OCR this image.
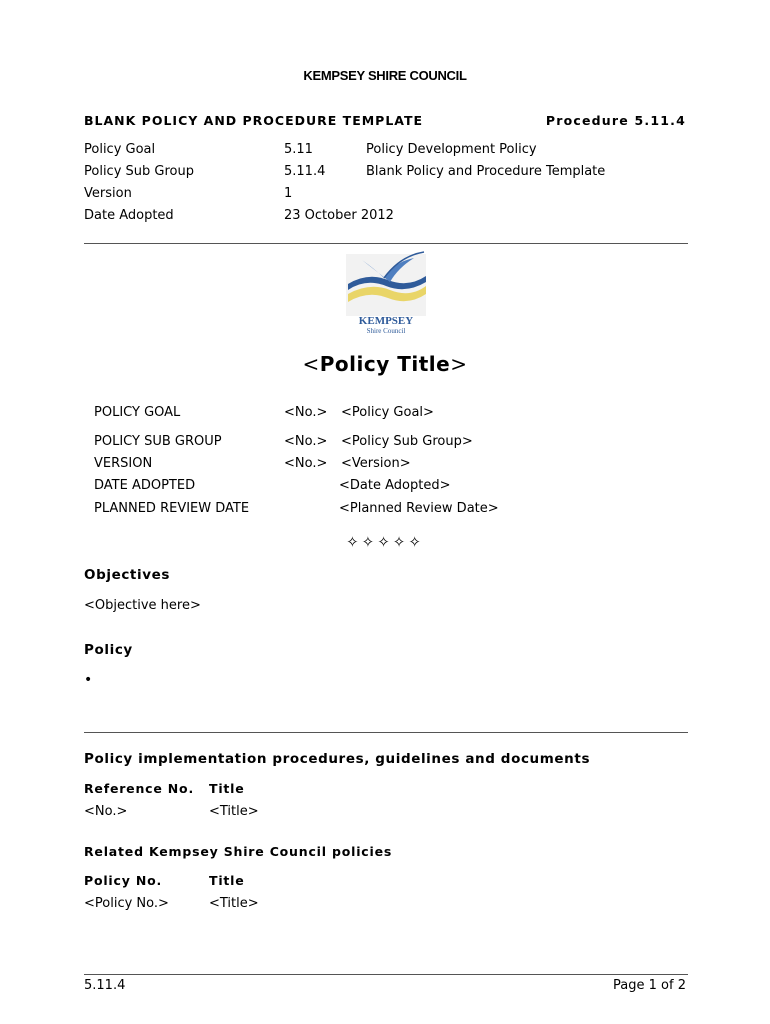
KEMPSEY SHIRE COUNCIL
BLANK POLICY AND PROCEDURE TEMPLATE	Procedure 5.11.4
Policy Goal	5.11	Policy Development Policy
Policy Sub Group	5.11.4	Blank Policy and Procedure Template
Version	1
Date Adopted	23 October 2012
KEMPSEY
Shire Council
<Policy Title>
POLICY GOAL	<No.> <Policy Goal>
POLICY SUB GROUP	<No.> <Policy Sub Group>
VERSION	<No.> <Version>
DATE ADOPTED	<Date Adopted>
PLANNED REVIEW DATE	<Planned Review Date>
✧✧✧✧✧
Objectives
<Objective here>
Policy
•
Policy implementation procedures, guidelines and documents
Reference No. Title
<No.>	<Title>
Related Kempsey Shire Council policies
Policy No.	Title
<Policy No.>	<Title>
5.11.4	Page 1 of 2
